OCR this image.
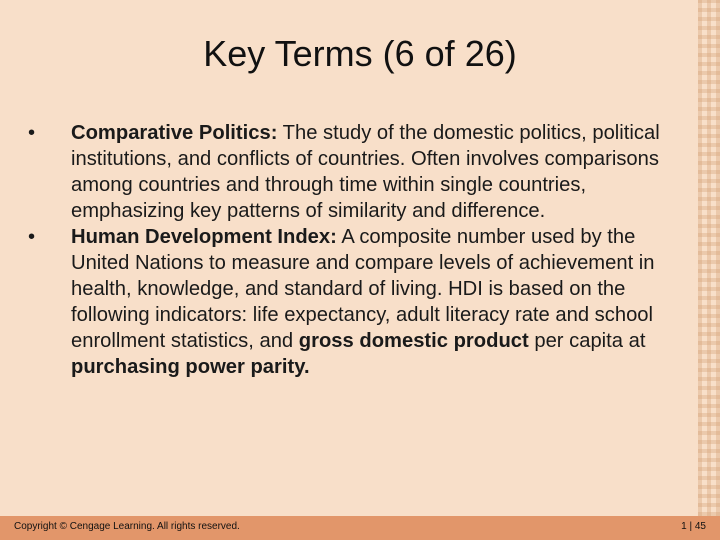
Key Terms (6 of 26)

•	Comparative Politics: The study of the domestic politics, political institutions, and conflicts of countries. Often involves comparisons among countries and through time within single countries, emphasizing key patterns of similarity and difference.

•	Human Development Index: A composite number used by the United Nations to measure and compare levels of achievement in health, knowledge, and standard of living. HDI is based on the following indicators: life expectancy, adult literacy rate and school enrollment statistics, and gross domestic product per capita at purchasing power parity.

Copyright © Cengage Learning. All rights reserved.	1 | 45
